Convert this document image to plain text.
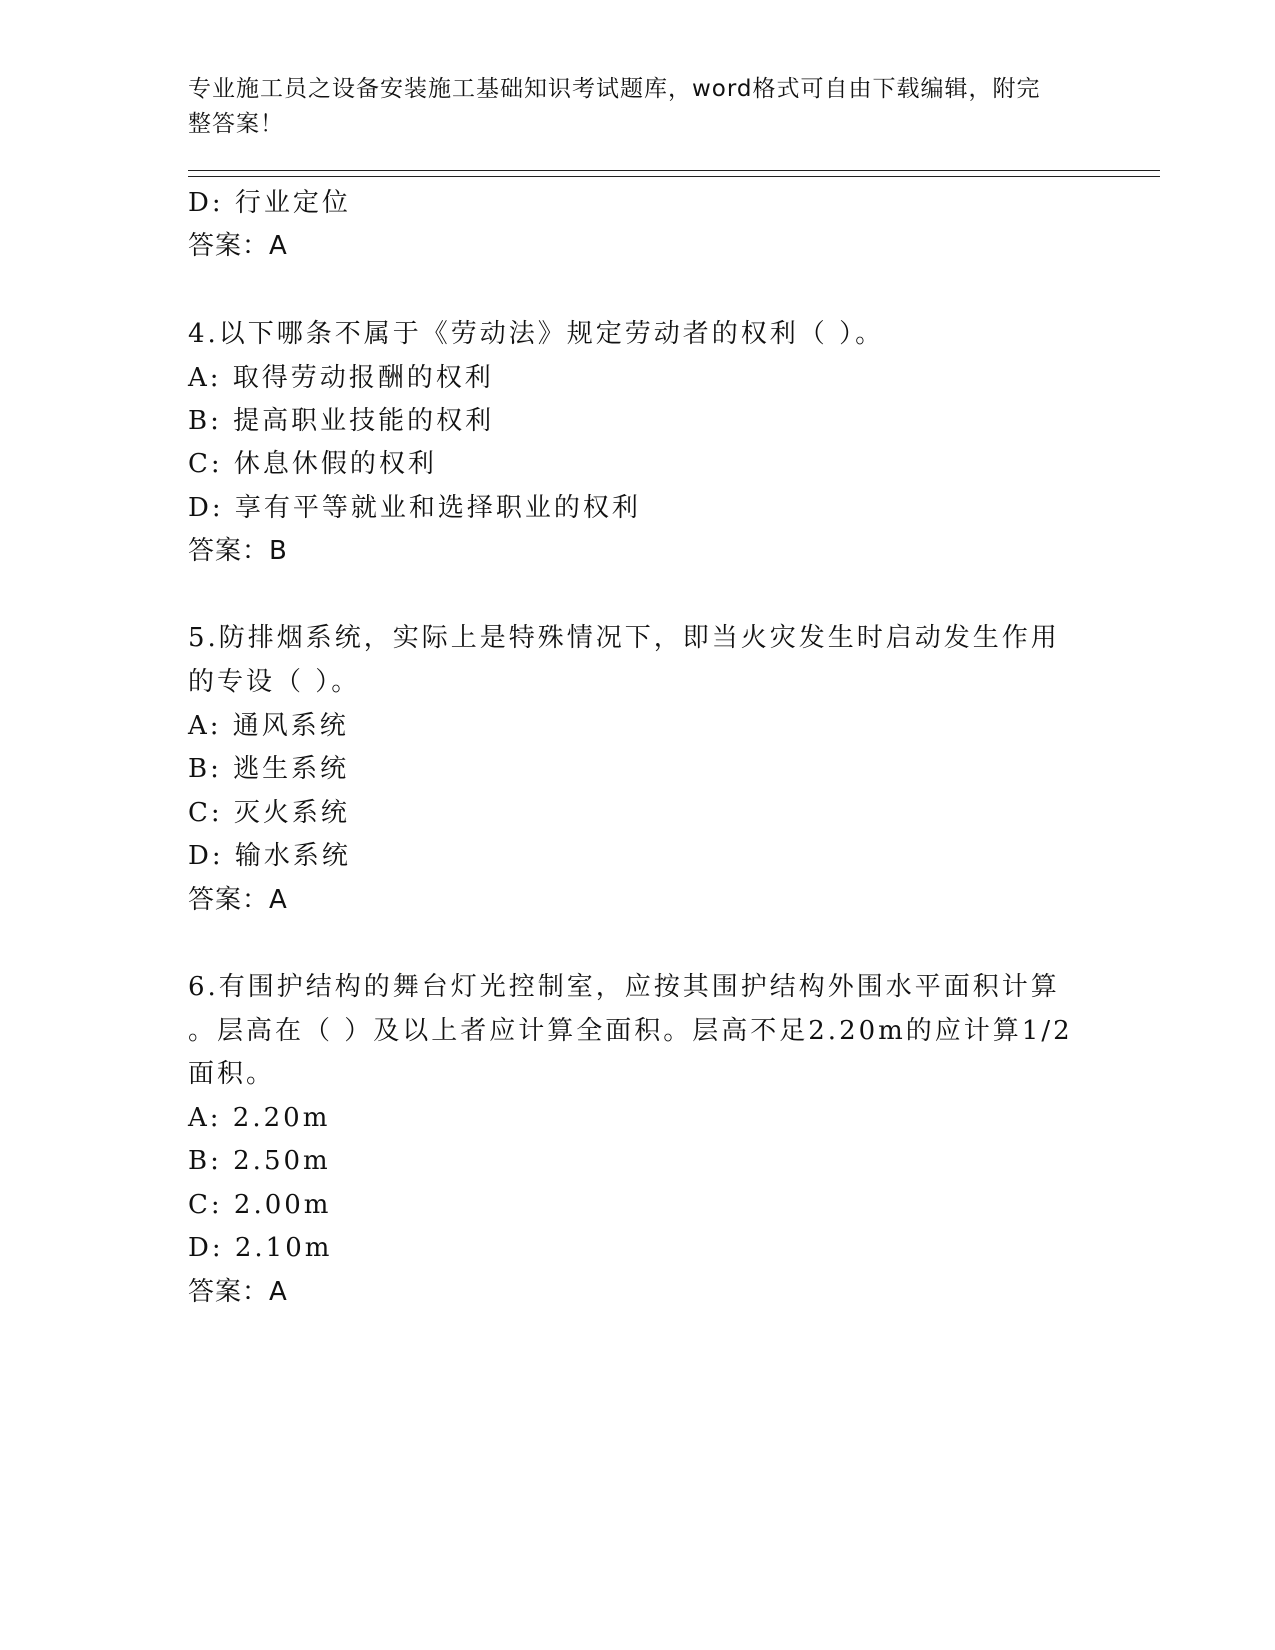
专业施工员之设备安装施工基础知识考试题库，word格式可自由下载编辑，附完
整答案！
D: 行业定位
答案：A
4.以下哪条不属于《劳动法》规定劳动者的权利（ ）。
A: 取得劳动报酬的权利
B: 提高职业技能的权利
C: 休息休假的权利
D: 享有平等就业和选择职业的权利
答案：B
5.防排烟系统，实际上是特殊情况下，即当火灾发生时启动发生作用
的专设（ ）。
A: 通风系统
B: 逃生系统
C: 灭火系统
D: 输水系统
答案：A
6.有围护结构的舞台灯光控制室，应按其围护结构外围水平面积计算
。层高在（ ）及以上者应计算全面积。层高不足2.20m的应计算1/2
面积。
A: 2.20m
B: 2.50m
C: 2.00m
D: 2.10m
答案：A
